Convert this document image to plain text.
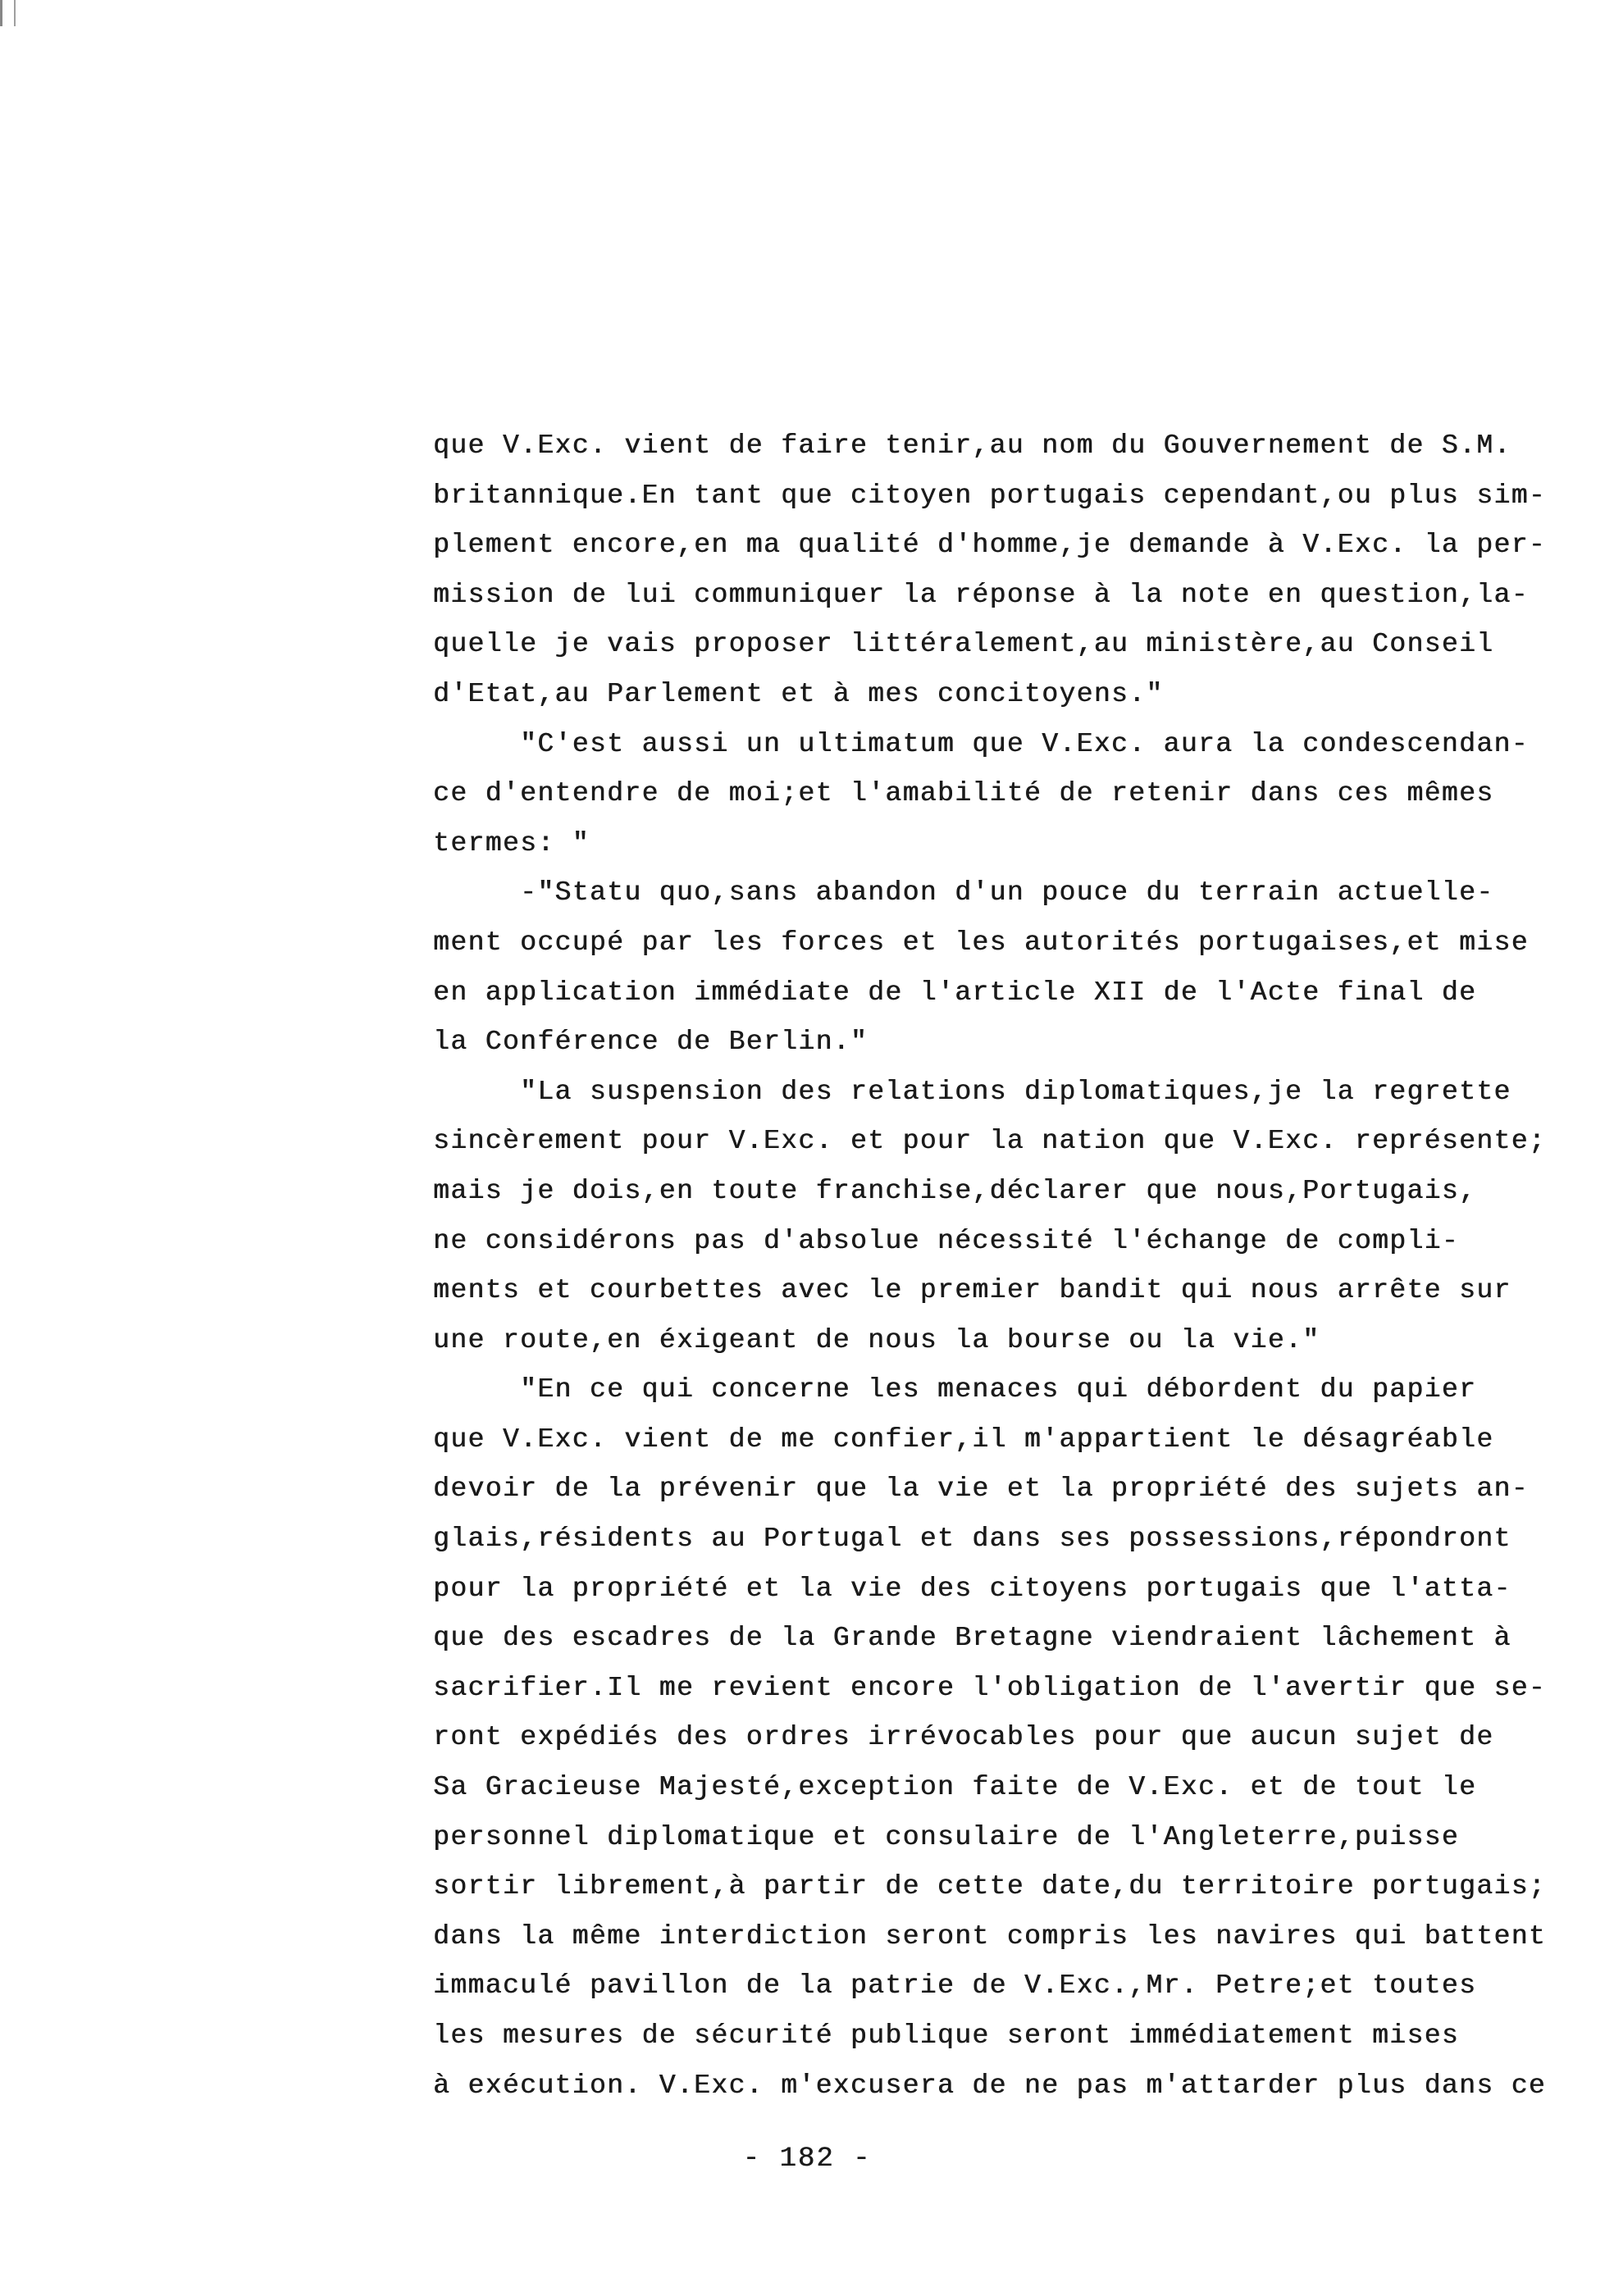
que V.Exc. vient de faire tenir,au nom du Gouvernement de S.M.
britannique.En tant que citoyen portugais cependant,ou plus sim-
plement encore,en ma qualité d'homme,je demande à V.Exc. la per-
mission de lui communiquer la réponse à la note en question,la-
quelle je vais proposer littéralement,au ministère,au Conseil
d'Etat,au Parlement et à mes concitoyens."
"C'est aussi un ultimatum que V.Exc. aura la condescendan-
ce d'entendre de moi;et l'amabilité de retenir dans ces mêmes
termes: "
-"Statu quo,sans abandon d'un pouce du terrain actuelle-
ment occupé par les forces et les autorités portugaises,et mise
en application immédiate de l'article XII de l'Acte final de
la Conférence de Berlin."
"La suspension des relations diplomatiques,je la regrette
sincèrement pour V.Exc. et pour la nation que V.Exc. représente;
mais je dois,en toute franchise,déclarer que nous,Portugais,
ne considérons pas d'absolue nécessité l'échange de compli-
ments et courbettes avec le premier bandit qui nous arrête sur
une route,en éxigeant de nous la bourse ou la vie."
"En ce qui concerne les menaces qui débordent du papier
que V.Exc. vient de me confier,il m'appartient le désagréable
devoir de la prévenir que la vie et la propriété des sujets an-
glais,résidents au Portugal et dans ses possessions,répondront
pour la propriété et la vie des citoyens portugais que l'atta-
que des escadres de la Grande Bretagne viendraient lâchement à
sacrifier.Il me revient encore l'obligation de l'avertir que se-
ront expédiés des ordres irrévocables pour que aucun sujet de
Sa Gracieuse Majesté,exception faite de V.Exc. et de tout le
personnel diplomatique et consulaire de l'Angleterre,puisse
sortir librement,à partir de cette date,du territoire portugais;
dans la même interdiction seront compris les navires qui battent
immaculé pavillon de la patrie de V.Exc.,Mr. Petre;et toutes
les mesures de sécurité publique seront immédiatement mises
à exécution. V.Exc. m'excusera de ne pas m'attarder plus dans ce
- 182 -
